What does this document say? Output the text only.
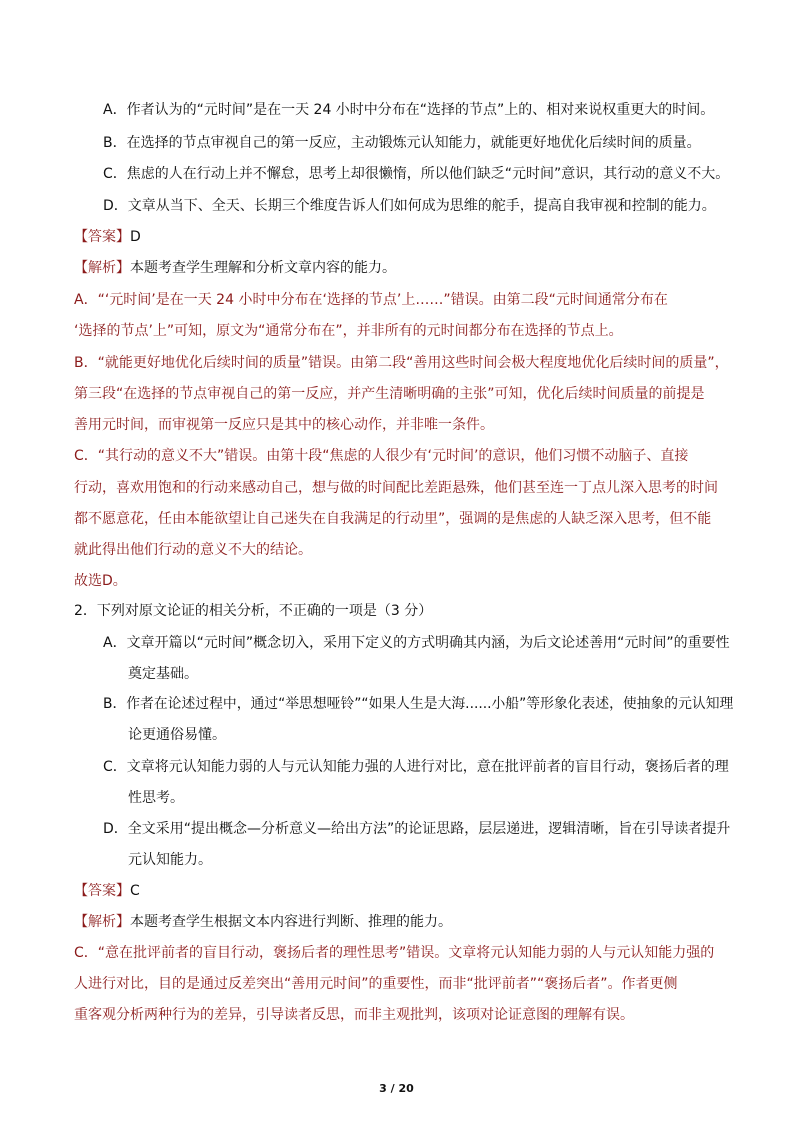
A．作者认为的“元时间”是在一天 24 小时中分布在“选择的节点”上的、相对来说权重更大的时间。
B．在选择的节点审视自己的第一反应，主动锻炼元认知能力，就能更好地优化后续时间的质量。
C．焦虑的人在行动上并不懈怠，思考上却很懒惰，所以他们缺乏“元时间”意识，其行动的意义不大。
D．文章从当下、全天、长期三个维度告诉人们如何成为思维的舵手，提高自我审视和控制的能力。
【答案】D
【解析】本题考查学生理解和分析文章内容的能力。
A．“‘元时间’是在一天 24 小时中分布在‘选择的节点’上……”错误。由第二段“元时间通常分布在
‘选择的节点’上”可知，原文为“通常分布在”，并非所有的元时间都分布在选择的节点上。
B．“就能更好地优化后续时间的质量”错误。由第二段“善用这些时间会极大程度地优化后续时间的质量”，
第三段“在选择的节点审视自己的第一反应，并产生清晰明确的主张”可知，优化后续时间质量的前提是
善用元时间，而审视第一反应只是其中的核心动作，并非唯一条件。
C．“其行动的意义不大”错误。由第十段“焦虑的人很少有‘元时间’的意识，他们习惯不动脑子、直接
行动，喜欢用饱和的行动来感动自己，想与做的时间配比差距悬殊，他们甚至连一丁点儿深入思考的时间
都不愿意花，任由本能欲望让自己迷失在自我满足的行动里”，强调的是焦虑的人缺乏深入思考，但不能
就此得出他们行动的意义不大的结论。
故选D。
2．下列对原文论证的相关分析，不正确的一项是（3 分）
A．文章开篇以“元时间”概念切入，采用下定义的方式明确其内涵，为后文论述善用“元时间”的重要性
奠定基础。
B．作者在论述过程中，通过“举思想哑铃”“如果人生是大海......小船”等形象化表述，使抽象的元认知理
论更通俗易懂。
C．文章将元认知能力弱的人与元认知能力强的人进行对比，意在批评前者的盲目行动，褒扬后者的理
性思考。
D．全文采用“提出概念—分析意义—给出方法”的论证思路，层层递进，逻辑清晰，旨在引导读者提升
元认知能力。
【答案】C
【解析】本题考查学生根据文本内容进行判断、推理的能力。
C．“意在批评前者的盲目行动，褒扬后者的理性思考”错误。文章将元认知能力弱的人与元认知能力强的
人进行对比，目的是通过反差突出“善用元时间”的重要性，而非“批评前者”“褒扬后者”。作者更侧
重客观分析两种行为的差异，引导读者反思，而非主观批判，该项对论证意图的理解有误。
3 / 20
